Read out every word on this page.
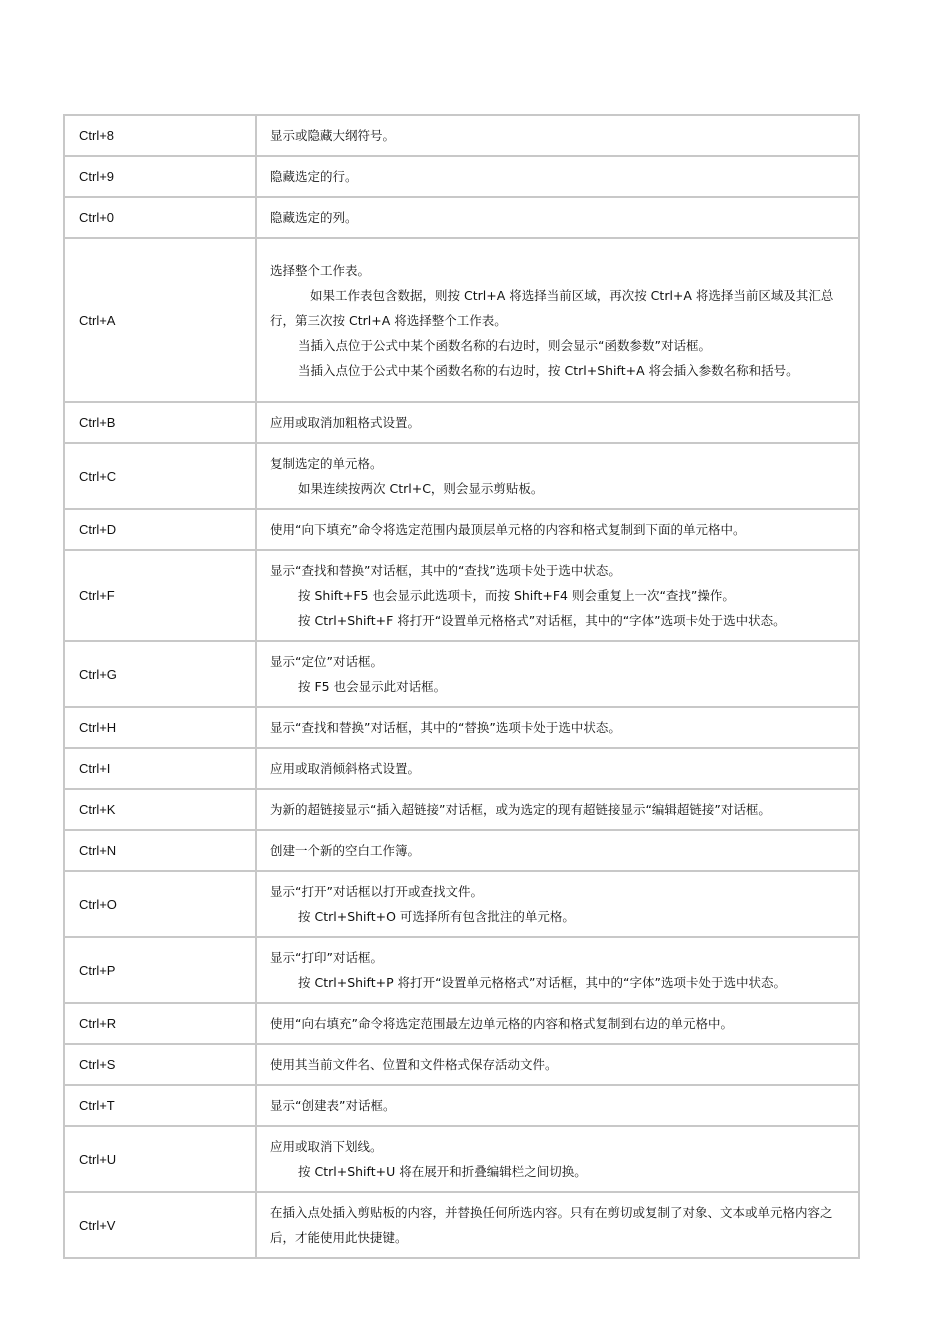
Ctrl+8	显示或隐藏大纲符号。

Ctrl+9	隐藏选定的行。

Ctrl+0	隐藏选定的列。

Ctrl+A	选择整个工作表。
如果工作表包含数据，则按 Ctrl+A 将选择当前区域，再次按 Ctrl+A 将选择当前区域及其汇总行，第三次按 Ctrl+A 将选择整个工作表。
当插入点位于公式中某个函数名称的右边时，则会显示“函数参数”对话框。
当插入点位于公式中某个函数名称的右边时，按 Ctrl+Shift+A 将会插入参数名称和括号。

Ctrl+B	应用或取消加粗格式设置。

Ctrl+C	复制选定的单元格。
如果连续按两次 Ctrl+C，则会显示剪贴板。

Ctrl+D	使用“向下填充”命令将选定范围内最顶层单元格的内容和格式复制到下面的单元格中。

Ctrl+F	显示“查找和替换”对话框，其中的“查找”选项卡处于选中状态。
按 Shift+F5 也会显示此选项卡，而按 Shift+F4 则会重复上一次“查找”操作。
按 Ctrl+Shift+F 将打开“设置单元格格式”对话框，其中的“字体”选项卡处于选中状态。

Ctrl+G	显示“定位”对话框。
按 F5 也会显示此对话框。

Ctrl+H	显示“查找和替换”对话框，其中的“替换”选项卡处于选中状态。

Ctrl+I	应用或取消倾斜格式设置。

Ctrl+K	为新的超链接显示“插入超链接”对话框，或为选定的现有超链接显示“编辑超链接”对话框。

Ctrl+N	创建一个新的空白工作簿。

Ctrl+O	显示“打开”对话框以打开或查找文件。
按 Ctrl+Shift+O 可选择所有包含批注的单元格。

Ctrl+P	显示“打印”对话框。
按 Ctrl+Shift+P 将打开“设置单元格格式”对话框，其中的“字体”选项卡处于选中状态。

Ctrl+R	使用“向右填充”命令将选定范围最左边单元格的内容和格式复制到右边的单元格中。

Ctrl+S	使用其当前文件名、位置和文件格式保存活动文件。

Ctrl+T	显示“创建表”对话框。

Ctrl+U	应用或取消下划线。
按 Ctrl+Shift+U 将在展开和折叠编辑栏之间切换。

Ctrl+V	在插入点处插入剪贴板的内容，并替换任何所选内容。只有在剪切或复制了对象、文本或单元格内容之后，才能使用此快捷键。
